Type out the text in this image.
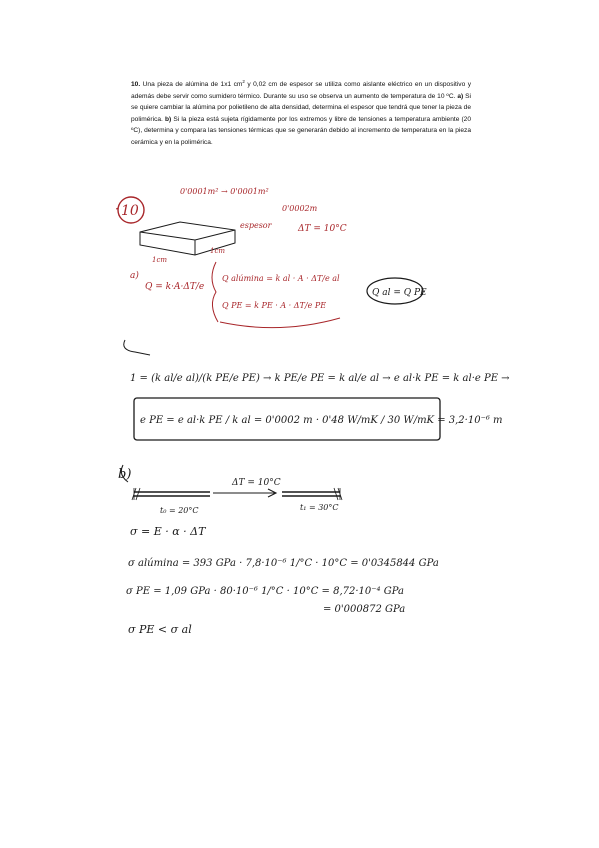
10. Una pieza de alúmina de 1x1 $cm^2$ y 0,02 cm de espesor se utiliza como aislante eléctrico en un dispositivo y además debe servir como sumidero térmico. Durante su uso se observa un aumento de temperatura de 10 ºC. a) Si se quiere cambiar la alúmina por polietileno de alta densidad, determina el espesor que tendrá que tener la pieza de polimérica. b) Si la pieza está sujeta rígidamente por los extremos y libre de tensiones a temperatura ambiente (20 ºC), determina y compara las tensiones térmicas que se generarán debido al incremento de temperatura en la pieza cerámica y en la polimérica.
10
·
0'0001m² → 0'0001m²
0'0002m
espesor	ΔT = 10°C
1cm
1cm
a)
Q = k·A·ΔT/e
Q alúmina = k al · A · ΔT/e al
Q PE = k PE · A · ΔT/e PE
Q al = Q PE
1 = (k al/e al)/(k PE/e PE) → k PE/e PE = k al/e al → e al·k PE = k al·e PE →
e PE = e al·k PE / k al = 0'0002 m · 0'48 W/mK / 30 W/mK = 3,2·10⁻⁶ m
b)
ΔT = 10°C
t₀ = 20°C	t₁ = 30°C
σ = E · α · ΔT
σ alúmina = 393 GPa · 7,8·10⁻⁶ 1/°C · 10°C = 0'0345844 GPa
σ PE = 1,09 GPa · 80·10⁻⁶ 1/°C · 10°C = 8,72·10⁻⁴ GPa
= 0'000872 GPa
σ PE < σ al
